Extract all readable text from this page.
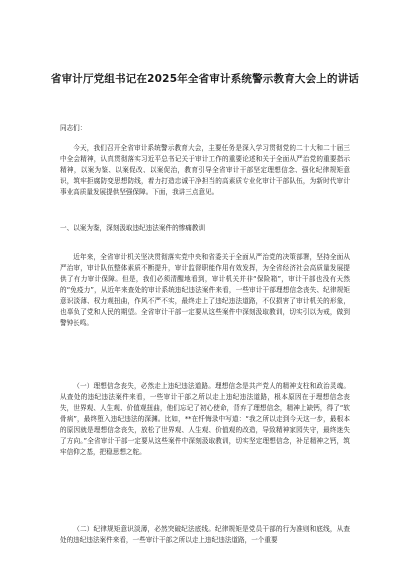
省审计厅党组书记在2025年全省审计系统警示教育大会上的讲话
同志们：
今天，我们召开全省审计系统警示教育大会，主要任务是深入学习贯彻党的二十大和二十届三中全会精神，认真贯彻落实习近平总书记关于审计工作的重要论述和关于全面从严治党的重要指示精神，以案为鉴、以案促改、以案促治，教育引导全省审计干部坚定理想信念、强化纪律规矩意识，筑牢拒腐防变思想防线，着力打造忠诚干净担当的高素质专业化审计干部队伍，为新时代审计事业高质量发展提供坚强保障。下面，我讲三点意见。
一、以案为鉴，深刻汲取违纪违法案件的惨痛教训
近年来，全省审计机关坚决贯彻落实党中央和省委关于全面从严治党的决策部署，坚持全面从严治审，审计队伍整体素质不断提升，审计监督职能作用有效发挥，为全省经济社会高质量发展提供了有力审计保障。但是，我们必须清醒地看到，审计机关并非“保险箱”，审计干部也没有天然的“免疫力”，从近年来查处的审计系统违纪违法案件来看，一些审计干部理想信念丧失、纪律规矩意识淡薄、权力观扭曲，作风不严不实，最终走上了违纪违法道路，不仅损害了审计机关的形象，也辜负了党和人民的期望。全省审计干部一定要从这些案件中深刻汲取教训，切实引以为戒，做到警钟长鸣。
（一）理想信念丧失，必然走上违纪违法道路。理想信念是共产党人的精神支柱和政治灵魂。从查处的违纪违法案件来看，一些审计干部之所以走上违纪违法道路，根本原因在于理想信念丧失，世界观、人生观、价值观扭曲，他们忘记了初心使命，背弃了理想信念，精神上缺钙，得了“软骨病”，最终堕入违纪违法的深渊。比如，**在忏悔录中写道：“我之所以走到今天这一步，最根本的原因就是理想信念丧失，放松了世界观、人生观、价值观的改造，导致精神家园失守，最终迷失了方向。”全省审计干部一定要从这些案件中深刻汲取教训，切实坚定理想信念，补足精神之钙，筑牢信仰之基，把稳思想之舵。
（二）纪律规矩意识淡薄，必然突破纪法底线。纪律规矩是党员干部的行为准则和底线，从查处的违纪违法案件来看，一些审计干部之所以走上违纪违法道路，一个重要
